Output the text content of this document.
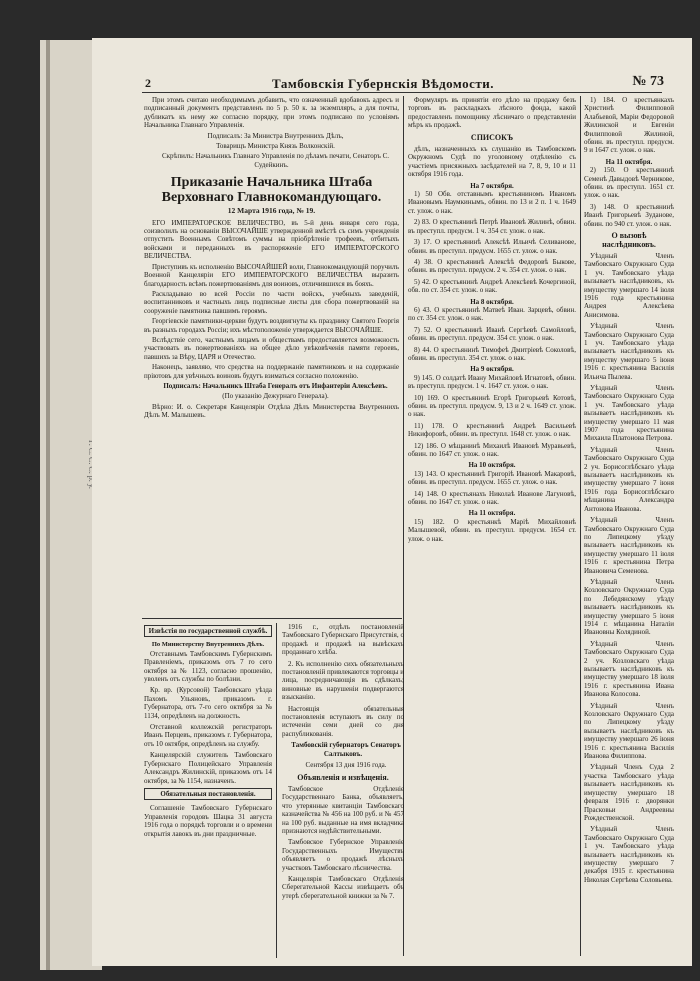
2	Тамбовскія Губернскія Вѣдомости.	№ 73

При этомъ считаю необходимымъ добавить, что означенный вдобавокъ адресъ и подписанный документъ представленъ по 5 р. 50 к. за экземпляръ, а для почты, дубликатъ къ нему же согласно порядку, при этомъ подписано по условіямъ Начальника Главнаго Управленія.

Подписалъ: За Министра Внутреннихъ Дѣлъ,

Товарищъ Министра Князь Волконскій.

Скрѣпилъ: Начальникъ Главнаго Управленія по дѣламъ печати, Сенаторъ С. Судейкинъ.

Приказаніе Начальника Штаба Верховнаго Главнокомандующаго.
12 Марта 1916 года, № 19.

ЕГО ИМПЕРАТОРСКОЕ ВЕЛИЧЕСТВО, въ 5-й день января сего года, соизволилъ на основаніи ВЫСОЧАЙШЕ утвержденной вмѣстѣ съ симъ учрежденія отпустить Военнымъ Совѣтомъ суммы на пріобрѣтеніе трофеевъ, отбитыхъ войсками и переданныхъ въ распоряженіе ЕГО ИМПЕРАТОРСКОГО ВЕЛИЧЕСТВА.

Приступивъ къ исполненію ВЫСОЧАЙШЕЙ воли, Главнокомандующій поручилъ Военной Канцеляріи ЕГО ИМПЕРАТОРСКОГО ВЕЛИЧЕСТВА выразить благодарность всѣмъ пожертвованіямъ для воиновъ, отличившихся въ бояхъ.

Раскладываю во всей Россіи по части войскъ, учебныхъ заведеній, воспитанниковъ и частныхъ лицъ подписные листы для сбора пожертвованій на сооруженіе памятника павшимъ героямъ.

Георгіевскіе памятники-церкви будутъ воздвигнуты къ празднику Святого Георгія въ разныхъ городахъ Россіи; ихъ мѣстоположеніе утверждается ВЫСОЧАЙШЕ.

Вслѣдствіе сего, частнымъ лицамъ и обществамъ предоставляется возможность участвовать въ пожертвованіяхъ на общее дѣло увѣковѣченія памяти героевъ, павшихъ за Вѣру, ЦАРЯ и Отечество.

Наконецъ, заявляю, что средства на поддержаніе памятниковъ и на содержаніе пріютовъ для увѣчныхъ воиновъ будутъ взиматься согласно положенію.

Подписалъ: Начальникъ Штаба Генералъ отъ Инфантеріи Алексѣевъ.

(По указанію Дежурнаго Генерала).

Вѣрно: И. о. Секретаря Канцеляріи Отдѣла Дѣлъ Министерства Внутреннихъ Дѣлъ М. Малышевъ.

Извѣстія по государственной службѣ.
По Министерству Внутреннихъ Дѣлъ.

Отставнымъ Тамбовскимъ Губернскимъ Правленіемъ, приказомъ отъ 7 го сего октября за № 1123, согласно прошенію, уволенъ отъ службы по болѣзни.

Кр. вр. (Курсовой) Тамбовскаго уѣзда Пахомъ Ульяновъ, приказомъ г. Губернатора, отъ 7-го сего октября за № 1134, опредѣленъ на должность.

Отставной коллежскій регистраторъ Иванъ Перцевъ, приказомъ г. Губернатора, отъ 10 октября, опредѣленъ на службу.

Канцелярскій служитель Тамбовскаго Губернскаго Полицейскаго Управленія Александръ Жилинскій, приказомъ отъ 14 октября, за № 1154, назначенъ.

Обязательныя постановленія.

Соглашеніе Тамбовскаго Губернскаго Управленія городовъ Шацка 31 августа 1916 года о порядкѣ торговли и о времени открытія лавокъ въ дни праздничные.

1916 г., отдѣлъ постановленій Тамбовскаго Губернскаго Присутствія, о продажѣ и продажѣ на вывѣскахъ проданнаго хлѣба.

2. Къ исполненію сихъ обязательныхъ постановленій привлекаются торговцы и лица, посредничающія въ сдѣлкахъ; виновные въ нарушеніи подвергаются взысканію.

Настоящія обязательныя постановленія вступаютъ въ силу по истеченіи семи дней со дня распубликованія.

Тамбовскій губернаторъ Сенаторъ Салтыковъ.

Сентября 13 дня 1916 года.

Объявленія и извѣщенія.

Тамбовское Отдѣленіе Государственнаго Банка, объявляетъ, что утерянные квитанціи Тамбовскаго казначейства № 456 на 100 руб. и № 457 на 100 руб. выданные на имя вкладчика признаются недѣйствительными.

Тамбовское Губернское Управленіе Государственныхъ Имуществъ объявляетъ о продажѣ лѣсныхъ участковъ Тамбовскаго лѣсничества.

Канцелярія Тамбовскаго Отдѣленія Сберегательной Кассы извѣщаетъ объ утерѣ сберегательной книжки за № 7.

Формуляръ въ принятіи его дѣло на продажу безъ торговъ въ раскладкахъ лѣсного фонда, какой предоставленъ помощнику лѣсничаго о представленіи мѣръ къ продажѣ.

СПИСОКЪ

дѣлъ, назначенныхъ къ слушанію въ Тамбовскомъ Окружномъ Судѣ по уголовному отдѣленію съ участіемъ присяжныхъ засѣдателей на 7, 8, 9, 10 и 11 октября 1916 года.

На 7 октября.

1) 50 Обв. отставнымъ крестьяниномъ Иваномъ Ивановымъ Наумкинымъ, обвин. по 13 и 2 п. 1 ч. 1649 ст. улож. о нак.

2) 83. О крестьянинѣ Петрѣ Ивановѣ Жилинѣ, обвин. въ преступл. предусм. 1 ч. 354 ст. улож. о нак.

3) 17. О крестьянинѣ Алексѣѣ Ильичѣ Селиванове, обвин. въ преступл. предусм. 1655 ст. улож. о нак.

4) 38. О крестьянинѣ Алексѣѣ Федоровѣ Быкове, обвин. въ преступл. предусм. 2 ч. 354 ст. улож. о нак.

5) 42. О крестьянинѣ Андреѣ Алексѣевѣ Кочергиной, обв. по ст. 354 ст. улож. о нак.

На 8 октября.

6) 43. О крестьянинѣ Матвеѣ Иван. Зарцевѣ, обвин. по ст. 354 ст. улож. о нак.

7) 52. О крестьянинѣ Иванѣ Сергѣевѣ Самойловѣ, обвин. въ преступл. предусм. 354 ст. улож. о нак.

8) 44. О крестьянинѣ Тимофеѣ Дмитріевѣ Соколовѣ, обвин. въ преступл. 354 ст. улож. о нак.

На 9 октября.

9) 145. О солдатѣ Ивану Михайловѣ Игнатовѣ, обвин. въ преступл. предусм. 1 ч. 1647 ст. улож. о нак.

10) 169. О крестьянинѣ Егорѣ Григорьевѣ Котовѣ, обвин. въ преступл. предусм. 9, 13 и 2 ч. 1649 ст. улож. о нак.

11) 178. О крестьянинѣ Андреѣ Васильевѣ Никифоровѣ, обвин. въ преступл. 1648 ст. улож. о нак.

12) 186. О мѣщанинѣ Михаилѣ Ивановѣ Муравьевѣ, обвин. по 1647 ст. улож. о нак.

На 10 октября.

13) 143. О крестьянинѣ Григоріѣ Ивановѣ Макаровѣ, обвин. въ преступл. предусм. 1655 ст. улож. о нак.

14) 148. О крестьянахъ Николаѣ Иванове Лагуновѣ, обвин. по 1647 ст. улож. о нак.

На 11 октября.

15) 182. О крестьянкѣ Маріѣ Михайловнѣ Малышевой, обвин. въ преступл. предусм. 1654 ст. улож. о нак.

1) 184. О крестьянкахъ Христинѣ Филипповой Алабьевой, Маріи Федоровой Жилинской и Евгеніи Филипповой Жилиной, обвин. въ преступл. предусм. 9 и 1647 ст. улож. о нак.

На 11 октября.

2) 150. О крестьянинѣ Семенѣ Давыдовѣ Черникове, обвин. въ преступл. 1651 ст. улож. о нак.

3) 148. О крестьянинѣ Иванѣ Григорьевѣ Зуданове, обвин. по 940 ст. улож. о нак.

О вызовѣ наслѣдниковъ.

Уѣздный Членъ Тамбовскаго Окружнаго Суда 1 уч. Тамбовскаго уѣзда вызываетъ наслѣдниковъ, къ имуществу умершаго 14 іюля 1916 года крестьянина Андрея Алексѣева Анисимова.

Уѣздный Членъ Тамбовскаго Окружнаго Суда 1 уч. Тамбовскаго уѣзда вызываетъ наслѣдниковъ къ имуществу умершаго 5 іюня 1916 г. крестьянина Василія Ильича Пылева.

Уѣздный Членъ Тамбовскаго Окружнаго Суда 1 уч. Тамбовскаго уѣзда вызываетъ наслѣдниковъ къ имуществу умершаго 11 мая 1907 года крестьянина Михаила Платонова Петрова.

Уѣздный Членъ Тамбовскаго Окружнаго Суда 2 уч. Борисоглѣбскаго уѣзда вызываетъ наслѣдниковъ къ имуществу умершаго 7 іюня 1916 года Борисоглѣбскаго мѣщанина Александра Антонова Иванова.

Уѣздный Членъ Тамбовскаго Окружнаго Суда по Липецкому уѣзду вызываетъ наслѣдниковъ къ имуществу умершаго 11 іюля 1916 г. крестьянина Петра Ивановича Семенова.

Уѣздный Членъ Козловскаго Окружнаго Суда по Лебедянскому уѣзду вызываетъ наслѣдниковъ къ имуществу умершаго 5 іюня 1914 г. мѣщанина Наталіи Ивановны Колядиной.

Уѣздный Членъ Тамбовскаго Окружнаго Суда 2 уч. Козловскаго уѣзда вызываетъ наслѣдниковъ къ имуществу умершаго 18 іюля 1916 г. крестьянина Ивана Иванова Колосова.

Уѣздный Членъ Козловскаго Окружнаго Суда по Липецкому уѣзду вызываетъ наслѣдниковъ къ имуществу умершаго 26 іюня 1916 г. крестьянина Василія Иванова Филиппова.

Уѣздный Членъ Суда 2 участка Тамбовскаго уѣзда вызываетъ наслѣдниковъ къ имуществу умершаго 18 февраля 1916 г. дворянки Прасковьи Андреевны Рождественской.

Уѣздный Членъ Тамбовскаго Окружнаго Суда 1 уч. Тамбовскаго уѣзда вызываетъ наслѣдниковъ къ имуществу умершаго 7 декабря 1915 г. крестьянина Николая Сергѣева Соловьева.
